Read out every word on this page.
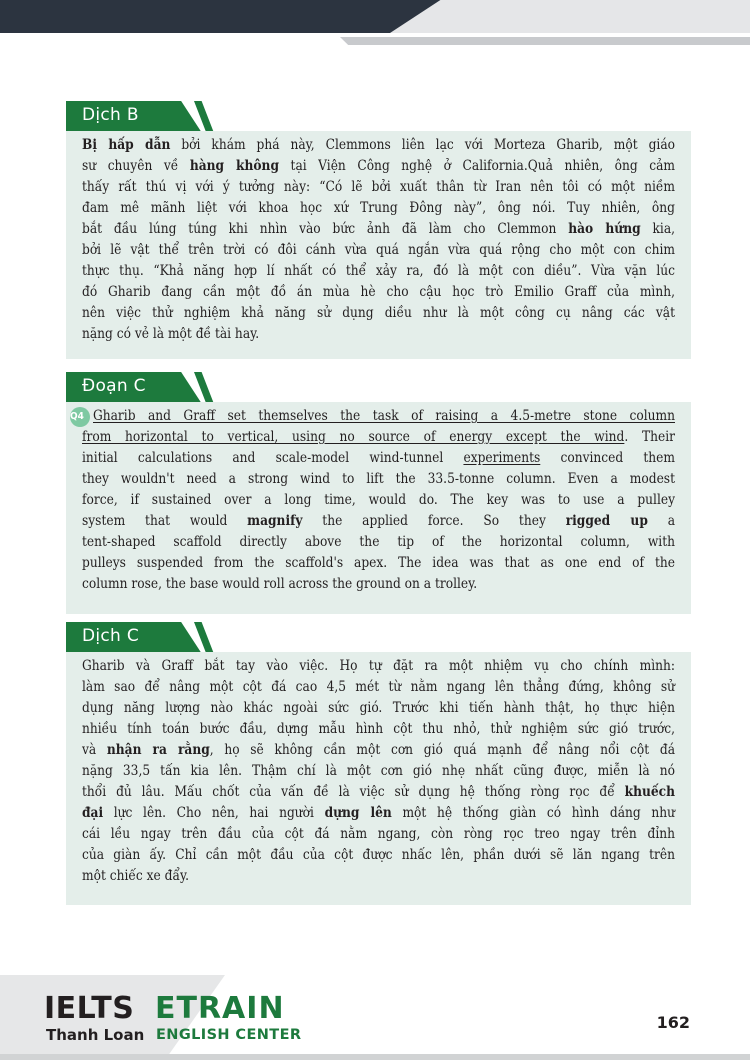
Dịch B

Bị hấp dẫn bởi khám phá này, Clemmons liên lạc với Morteza Gharib, một giáo

sư chuyên về hàng không tại Viện Công nghệ ở California.Quả nhiên, ông cảm

thấy rất thú vị với ý tưởng này: “Có lẽ bởi xuất thân từ Iran nên tôi có một niềm

đam mê mãnh liệt với khoa học xứ Trung Đông này”, ông nói. Tuy nhiên, ông

bắt đầu lúng túng khi nhìn vào bức ảnh đã làm cho Clemmon hào hứng kia,

bởi lẽ vật thể trên trời có đôi cánh vừa quá ngắn vừa quá rộng cho một con chim

thực thụ. “Khả năng hợp lí nhất có thể xảy ra, đó là một con diều”. Vừa vặn lúc

đó Gharib đang cần một đồ án mùa hè cho cậu học trò Emilio Graff của mình,

nên việc thử nghiệm khả năng sử dụng diều như là một công cụ nâng các vật

nặng có vẻ là một đề tài hay.

Đoạn C

Q4 Gharib and Graff set themselves the task of raising a 4.5-metre stone column

from horizontal to vertical, using no source of energy except the wind. Their

initial calculations and scale-model wind-tunnel experiments convinced them

they wouldn't need a strong wind to lift the 33.5-tonne column. Even a modest

force, if sustained over a long time, would do. The key was to use a pulley

system that would magnify the applied force. So they rigged up a

tent-shaped scaffold directly above the tip of the horizontal column, with

pulleys suspended from the scaffold's apex. The idea was that as one end of the

column rose, the base would roll across the ground on a trolley.

Dịch C

Gharib và Graff bắt tay vào việc. Họ tự đặt ra một nhiệm vụ cho chính mình:

làm sao để nâng một cột đá cao 4,5 mét từ nằm ngang lên thẳng đứng, không sử

dụng năng lượng nào khác ngoài sức gió. Trước khi tiến hành thật, họ thực hiện

nhiều tính toán bước đầu, dựng mẫu hình cột thu nhỏ, thử nghiệm sức gió trước,

và nhận ra rằng, họ sẽ không cần một cơn gió quá mạnh để nâng nổi cột đá

nặng 33,5 tấn kia lên. Thậm chí là một cơn gió nhẹ nhất cũng được, miễn là nó

thổi đủ lâu. Mấu chốt của vấn đề là việc sử dụng hệ thống ròng rọc để khuếch

đại lực lên. Cho nên, hai người dựng lên một hệ thống giàn có hình dáng như

cái lều ngay trên đầu của cột đá nằm ngang, còn ròng rọc treo ngay trên đỉnh

của giàn ấy. Chỉ cần một đầu của cột được nhấc lên, phần dưới sẽ lăn ngang trên

một chiếc xe đẩy.

IELTS
Thanh Loan
ETRAIN
ENGLISH CENTER
162
